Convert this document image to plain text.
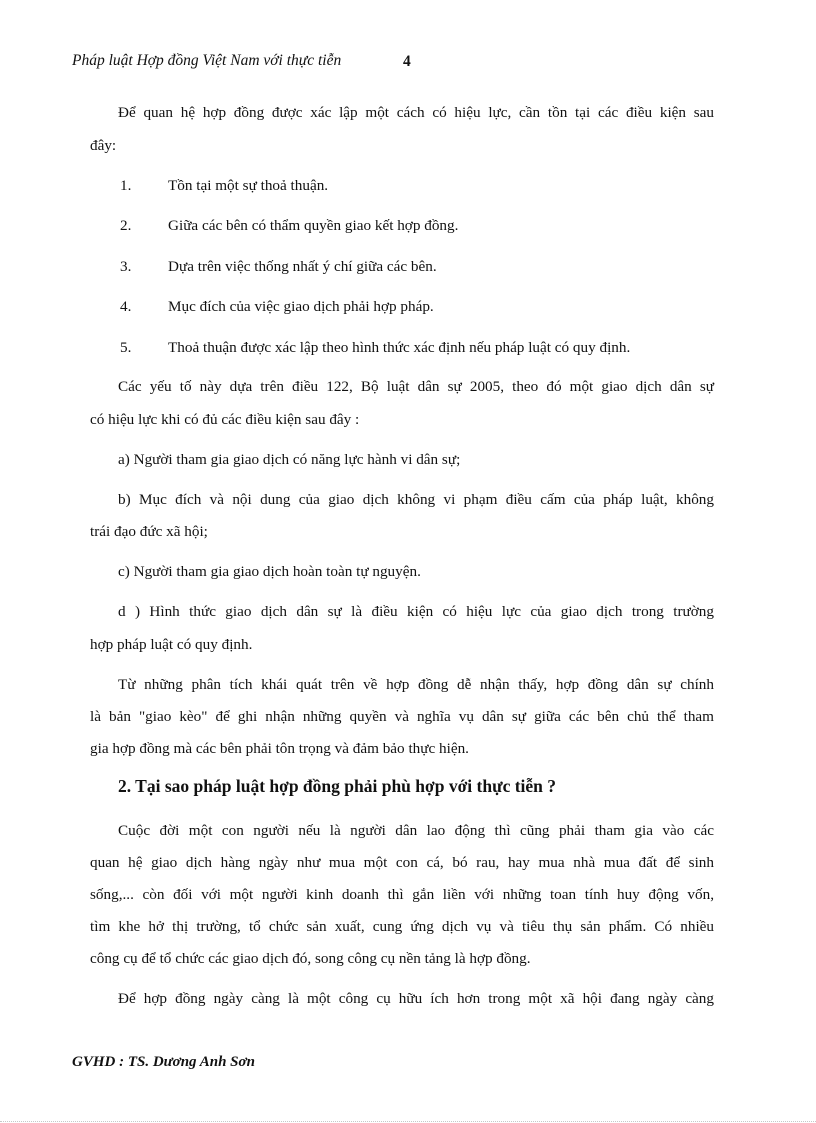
Pháp luật Hợp đồng Việt Nam với thực tiễn	4
Để quan hệ hợp đồng được xác lập một cách có hiệu lực, cần tồn tại các điều kiện sau
đây:
1. Tồn tại một sự thoả thuận.
2. Giữa các bên có thẩm quyền giao kết hợp đồng.
3. Dựa trên việc thống nhất ý chí giữa các bên.
4. Mục đích của việc giao dịch phải hợp pháp.
5. Thoả thuận được xác lập theo hình thức xác định nếu pháp luật có quy định.
Các yếu tố này dựa trên điều 122, Bộ luật dân sự 2005, theo đó một giao dịch dân sự
có hiệu lực khi có đủ các điều kiện sau đây :
a) Người tham gia giao dịch có năng lực hành vi dân sự;
b) Mục đích và nội dung của giao dịch không vi phạm điều cấm của pháp luật, không
trái đạo đức xã hội;
c) Người tham gia giao dịch hoàn toàn tự nguyện.
d ) Hình thức giao dịch dân sự là điều kiện có hiệu lực của giao dịch trong trường
hợp pháp luật có quy định.
Từ những phân tích khái quát trên về hợp đồng dễ nhận thấy, hợp đồng dân sự chính
là bản "giao kèo" để ghi nhận những quyền và nghĩa vụ dân sự giữa các bên chủ thể tham
gia hợp đồng mà các bên phải tôn trọng và đảm bảo thực hiện.
2. Tại sao pháp luật hợp đồng phải phù hợp với thực tiễn ?
Cuộc đời một con người nếu là người dân lao động thì cũng phải tham gia vào các
quan hệ giao dịch hàng ngày như mua một con cá, bó rau, hay mua nhà mua đất để sinh
sống,... còn đối với một người kinh doanh thì gắn liền với những toan tính huy động vốn,
tìm khe hở thị trường, tổ chức sản xuất, cung ứng dịch vụ và tiêu thụ sản phẩm. Có nhiều
công cụ để tổ chức các giao dịch đó, song công cụ nền tảng là hợp đồng.
Để hợp đồng ngày càng là một công cụ hữu ích hơn trong một xã hội đang ngày càng
GVHD : TS. Dương Anh Sơn
